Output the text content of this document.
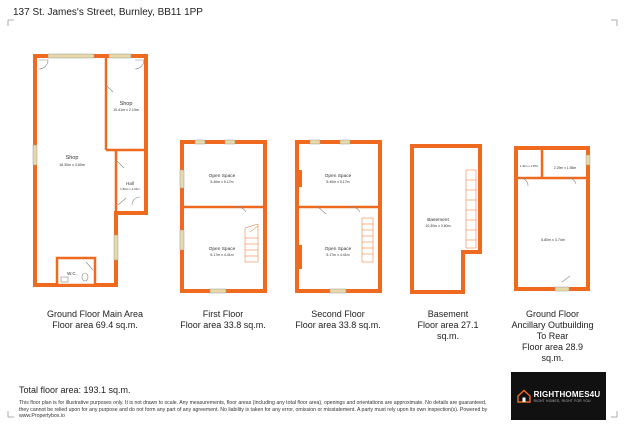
137 St. James's Street, Burnley, BB11 1PP
Shop
18.30m x 3.60m
Shop
10.41m x 2.19m
Hall
1.50m x 4.01m
W.C.
Open Space
5.40m x 5.17m
Open Space
5.17m x 4.41m
Open Space
5.40m x 5.17m
Open Space
5.17m x 4.41m
Basement
10.30m x 3.60m
1.40m x 1.55m	2.29m x 1.55m
6.80m x 3.74m
Ground Floor Main Area
Floor area 69.4 sq.m.
First Floor
Floor area 33.8 sq.m.
Second Floor
Floor area 33.8 sq.m.
Basement
Floor area 27.1
sq.m.
Ground Floor
Ancillary Outbuilding
To Rear
Floor area 28.9
sq.m.
Total floor area: 193.1 sq.m.
This floor plan is for illustrative purposes only. It is not drawn to scale. Any measurements, floor areas (including any total floor area), openings and orientations are approximate. No details are guaranteed, they cannot be relied upon for any purpose and do not form any part of any agreement. No liability is taken for any error, omission or misstatement. A party must rely upon its own inspection(s). Powered by www.Propertybox.io
RIGHTHOMES4U
RIGHT HOMES, RIGHT FOR YOU
